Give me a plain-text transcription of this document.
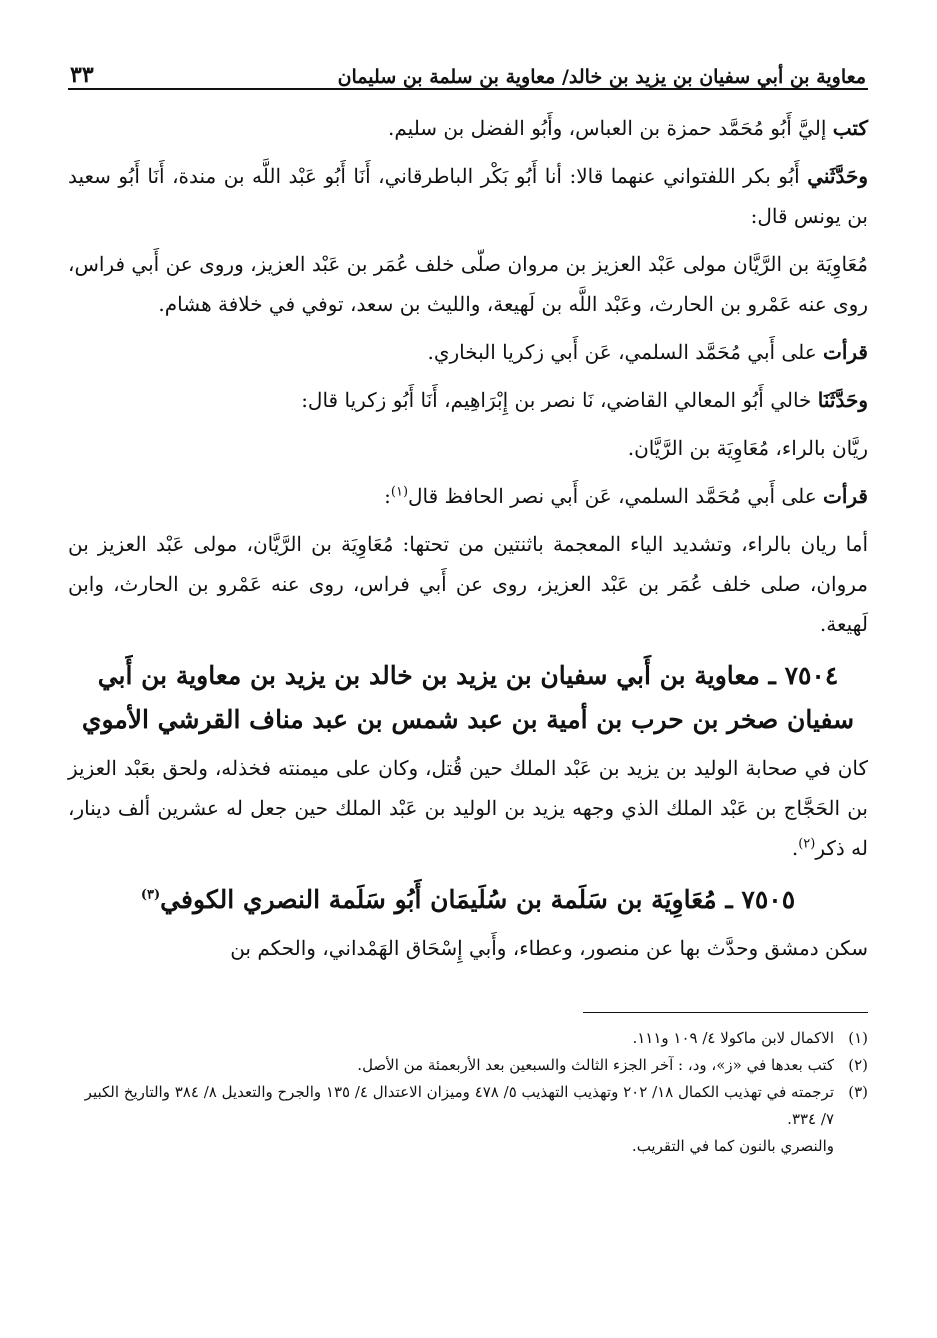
معاوية بن أبي سفيان بن يزيد بن خالد/ معاوية بن سلمة بن سليمان
٣٣

كتب إليَّ أَبُو مُحَمَّد حمزة بن العباس، وأَبُو الفضل بن سليم.

وحَدَّثَني أَبُو بكر اللفتواني عنهما قالا: أنا أَبُو بَكْر الباطرقاني، أَنَا أَبُو عَبْد اللَّه بن مندة، أَنَا أَبُو سعيد بن يونس قال:

مُعَاوِيَة بن الرَّيَّان مولى عَبْد العزيز بن مروان صلّى خلف عُمَر بن عَبْد العزيز، وروى عن أَبي فراس، روى عنه عَمْرو بن الحارث، وعَبْد اللَّه بن لَهيعة، والليث بن سعد، توفي في خلافة هشام.

قرأت على أَبي مُحَمَّد السلمي، عَن أَبي زكريا البخاري.

وحَدَّثَنَا خالي أَبُو المعالي القاضي، نَا نصر بن إِبْرَاهِيم، أَنَا أَبُو زكريا قال:

ريَّان بالراء، مُعَاوِيَة بن الرَّيَّان.

قرأت على أَبي مُحَمَّد السلمي، عَن أَبي نصر الحافظ قال$^{(١)}$:

أما ريان بالراء، وتشديد الياء المعجمة باثنتين من تحتها: مُعَاوِيَة بن الرَّيَّان، مولى عَبْد العزيز بن مروان، صلى خلف عُمَر بن عَبْد العزيز، روى عن أَبي فراس، روى عنه عَمْرو بن الحارث، وابن لَهيعة.

٧٥٠٤ ـ معاوية بن أَبي سفيان بن يزيد بن خالد بن يزيد بن معاوية بن أَبي سفيان صخر بن حرب بن أمية بن عبد شمس بن عبد مناف القرشي الأموي

كان في صحابة الوليد بن يزيد بن عَبْد الملك حين قُتل، وكان على ميمنته فخذله، ولحق بعَبْد العزيز بن الحَجَّاج بن عَبْد الملك الذي وجهه يزيد بن الوليد بن عَبْد الملك حين جعل له عشرين ألف دينار، له ذكر$^{(٢)}$.

٧٥٠٥ ـ مُعَاوِيَة بن سَلَمة بن سُلَيمَان أَبُو سَلَمة النصري الكوفي$^{(٣)}$

سكن دمشق وحدَّث بها عن منصور، وعطاء، وأَبي إِسْحَاق الهَمْداني، والحكم بن

(١)
الاكمال لابن ماكولا ٤/ ١٠٩ و١١١.
(٢)
كتب بعدها في «ز»، ود، : آخر الجزء الثالث والسبعين بعد الأربعمئة من الأصل.
(٣)
ترجمته في تهذيب الكمال ١٨/ ٢٠٢ وتهذيب التهذيب ٥/ ٤٧٨ وميزان الاعتدال ٤/ ١٣٥ والجرح والتعديل ٨/ ٣٨٤ والتاريخ الكبير ٧/ ٣٣٤.
والنصري بالنون كما في التقريب.
